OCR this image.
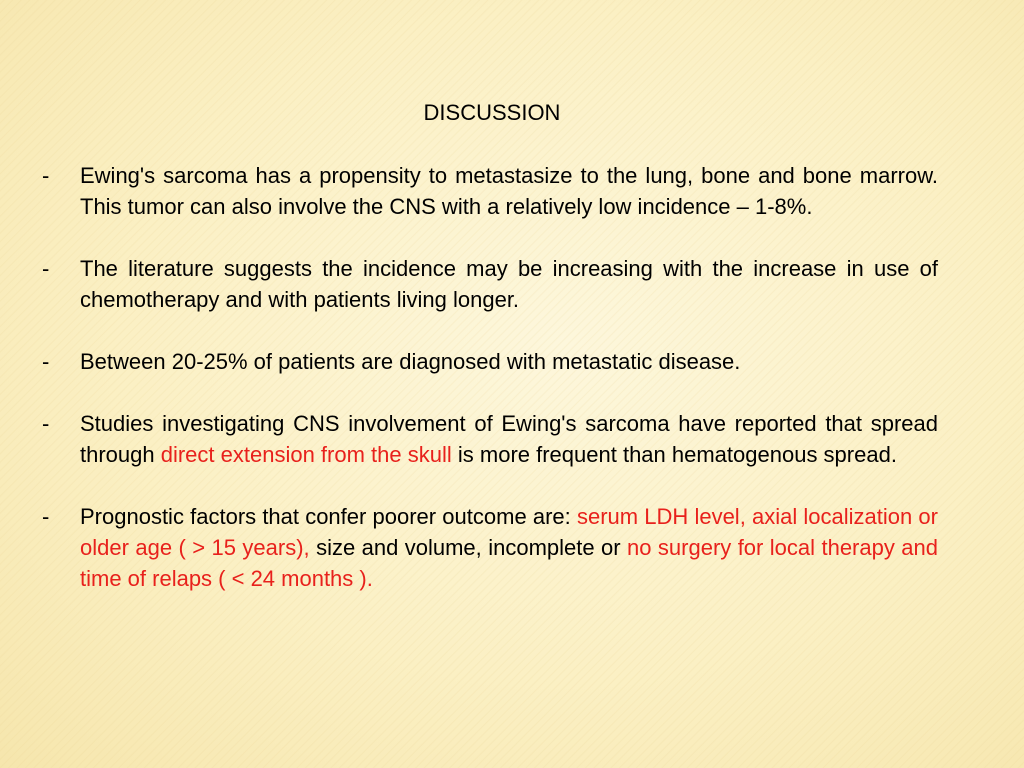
DISCUSSION
-	Ewing's sarcoma has a propensity to metastasize to the lung, bone and bone marrow. This tumor can also involve the CNS with a relatively low incidence – 1-8%.
-	The literature suggests the incidence may be increasing with the increase in use of chemotherapy and with patients living longer.
-	Between 20-25% of patients are diagnosed with metastatic disease.
-	Studies investigating CNS involvement of Ewing's sarcoma have reported that spread through direct extension from the skull is more frequent than hematogenous spread.
-	Prognostic factors that confer poorer outcome are: serum LDH level, axial localization or older age ( > 15 years), size and volume, incomplete or no surgery for local therapy and time of relaps ( < 24 months ).
